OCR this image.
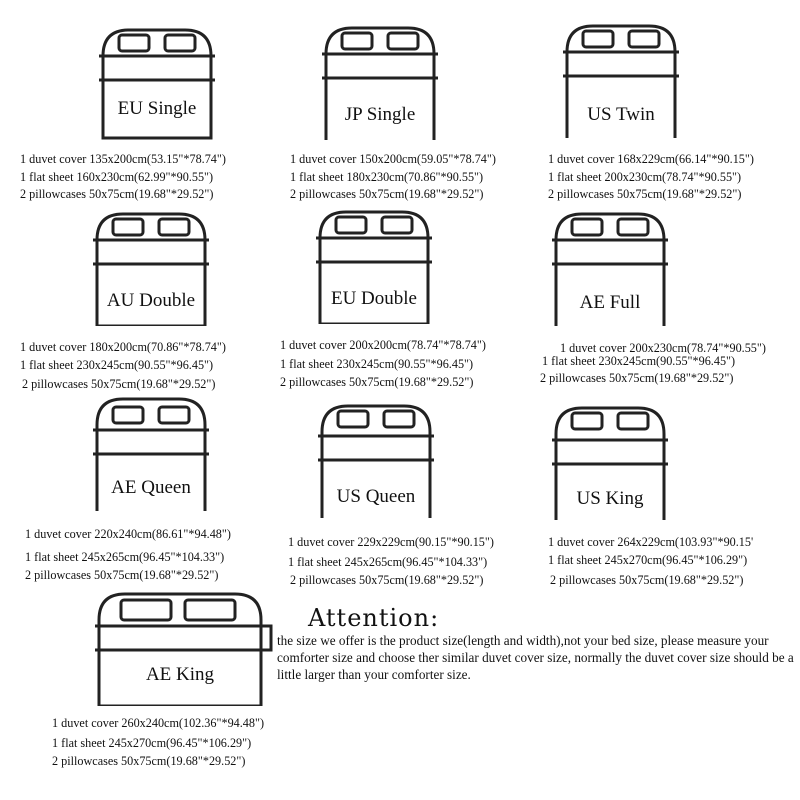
EU Single
1 duvet cover 135x200cm(53.15"*78.74")
1 flat sheet 160x230cm(62.99"*90.55")
2 pillowcases 50x75cm(19.68"*29.52")
JP Single
1 duvet cover 150x200cm(59.05"*78.74")
1 flat sheet 180x230cm(70.86"*90.55")
2 pillowcases 50x75cm(19.68"*29.52")
US Twin
1 duvet cover 168x229cm(66.14"*90.15")
1 flat sheet 200x230cm(78.74"*90.55")
2 pillowcases 50x75cm(19.68"*29.52")
AU Double
1 duvet cover 180x200cm(70.86"*78.74")
1 flat sheet 230x245cm(90.55"*96.45")
2 pillowcases 50x75cm(19.68"*29.52")
EU Double
1 duvet cover 200x200cm(78.74"*78.74")
1 flat sheet 230x245cm(90.55"*96.45")
2 pillowcases 50x75cm(19.68"*29.52")
AE Full
1 duvet cover 200x230cm(78.74"*90.55")
1 flat sheet 230x245cm(90.55"*96.45")
2 pillowcases 50x75cm(19.68"*29.52")
AE Queen
1 duvet cover 220x240cm(86.61"*94.48")
1 flat sheet 245x265cm(96.45"*104.33")
2 pillowcases 50x75cm(19.68"*29.52")
US Queen
1 duvet cover 229x229cm(90.15"*90.15")
1 flat sheet 245x265cm(96.45"*104.33")
2 pillowcases 50x75cm(19.68"*29.52")
US King
1 duvet cover 264x229cm(103.93"*90.15'
1 flat sheet 245x270cm(96.45"*106.29")
2 pillowcases 50x75cm(19.68"*29.52")
AE King
1 duvet cover 260x240cm(102.36"*94.48")
1 flat sheet 245x270cm(96.45"*106.29")
2 pillowcases 50x75cm(19.68"*29.52")
Attention:
the size we offer is the product size(length and width),not your bed size, please measure your comforter size and choose ther similar duvet cover size, normally the duvet cover size should be a little larger than your comforter size.
